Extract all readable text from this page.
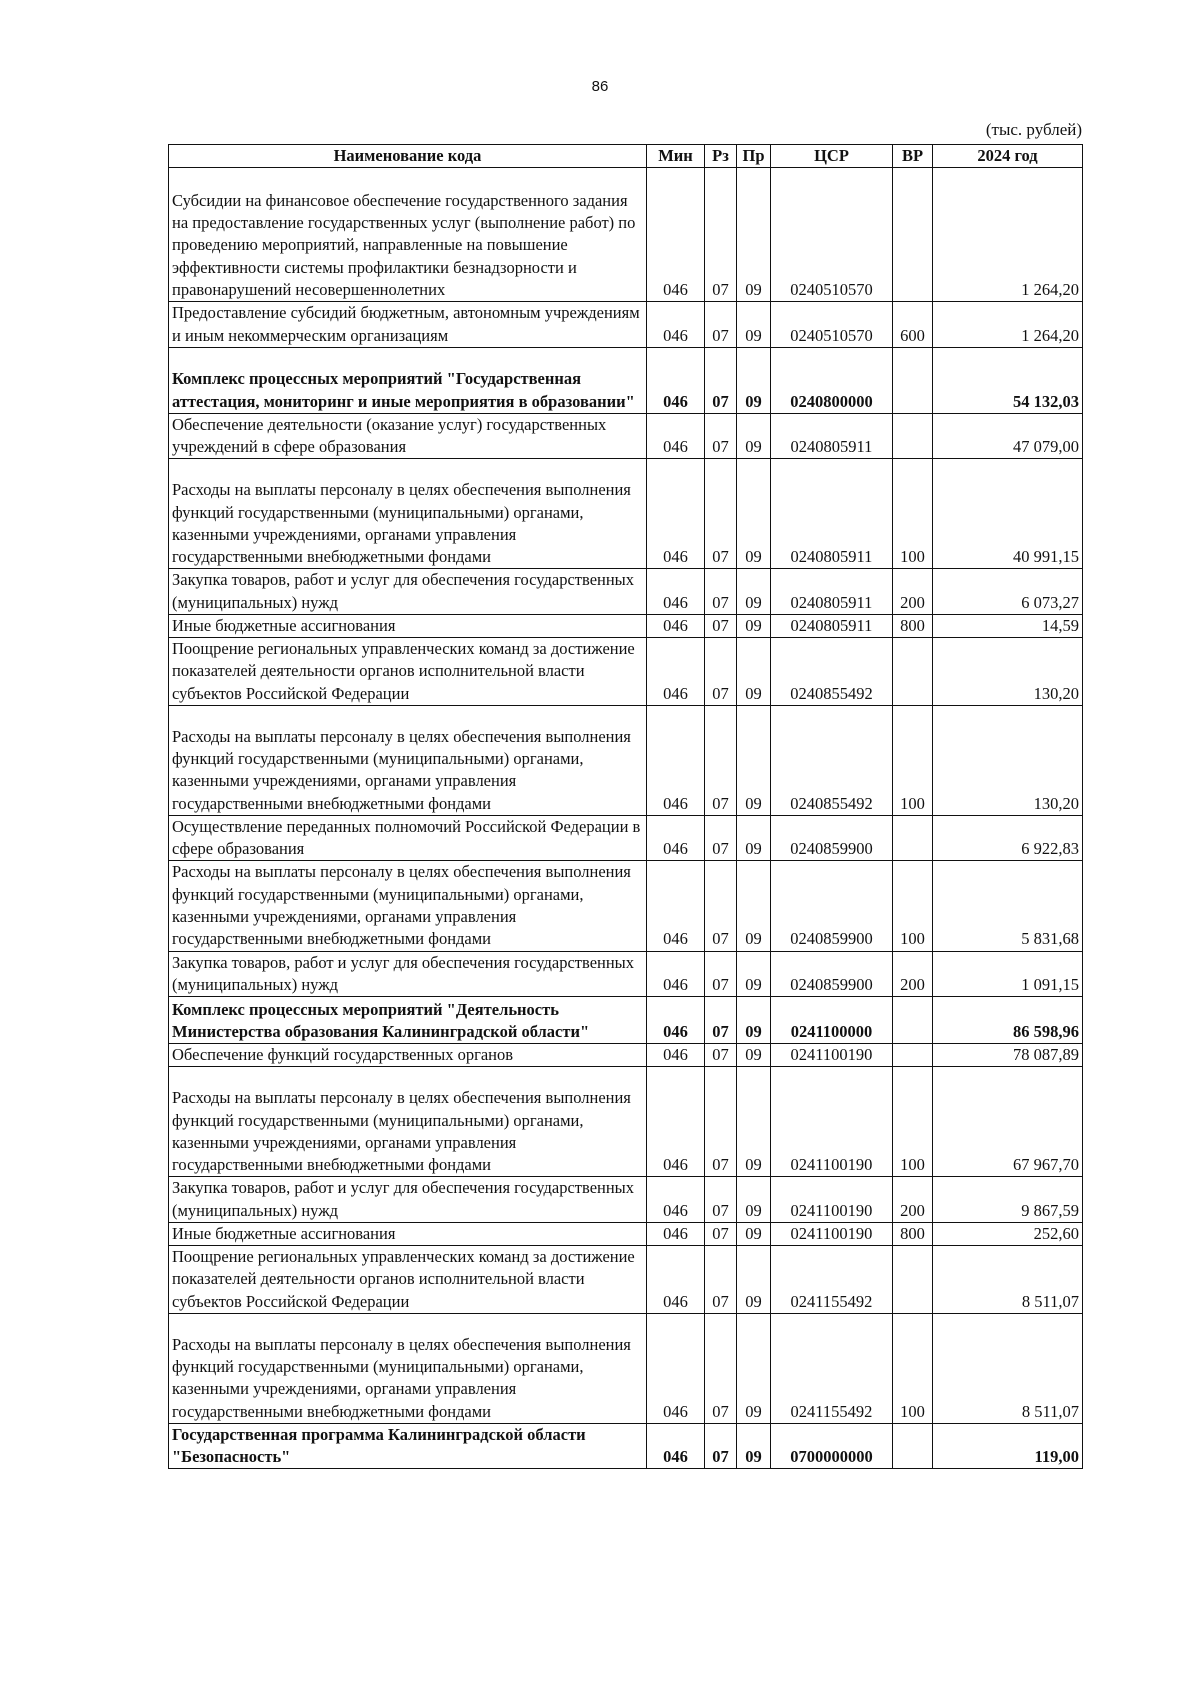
86
(тыс. рублей)
Наименование кода	Мин	Рз	Пр	ЦСР	ВР	2024 год
Субсидии на финансовое обеспечение государственного задания на предоставление государственных услуг (выполнение работ) по проведению мероприятий, направленные на повышение эффективности системы профилактики безнадзорности и правонарушений несовершеннолетних	046	07	09	0240510570		1 264,20
Предоставление субсидий бюджетным, автономным учреждениям и иным некоммерческим организациям	046	07	09	0240510570	600	1 264,20
Комплекс процессных мероприятий "Государственная аттестация, мониторинг и иные мероприятия в образовании"	046	07	09	0240800000		54 132,03
Обеспечение деятельности (оказание услуг) государственных учреждений в сфере образования	046	07	09	0240805911		47 079,00
Расходы на выплаты персоналу в целях обеспечения выполнения функций государственными (муниципальными) органами, казенными учреждениями, органами управления государственными внебюджетными фондами	046	07	09	0240805911	100	40 991,15
Закупка товаров, работ и услуг для обеспечения государственных (муниципальных) нужд	046	07	09	0240805911	200	6 073,27
Иные бюджетные ассигнования	046	07	09	0240805911	800	14,59
Поощрение региональных управленческих команд за достижение показателей деятельности органов исполнительной власти субъектов Российской Федерации	046	07	09	0240855492		130,20
Расходы на выплаты персоналу в целях обеспечения выполнения функций государственными (муниципальными) органами, казенными учреждениями, органами управления государственными внебюджетными фондами	046	07	09	0240855492	100	130,20
Осуществление переданных полномочий Российской Федерации в сфере образования	046	07	09	0240859900		6 922,83
Расходы на выплаты персоналу в целях обеспечения выполнения функций государственными (муниципальными) органами, казенными учреждениями, органами управления государственными внебюджетными фондами	046	07	09	0240859900	100	5 831,68
Закупка товаров, работ и услуг для обеспечения государственных (муниципальных) нужд	046	07	09	0240859900	200	1 091,15
Комплекс процессных мероприятий "Деятельность Министерства образования Калининградской области"	046	07	09	0241100000		86 598,96
Обеспечение функций государственных органов	046	07	09	0241100190		78 087,89
Расходы на выплаты персоналу в целях обеспечения выполнения функций государственными (муниципальными) органами, казенными учреждениями, органами управления государственными внебюджетными фондами	046	07	09	0241100190	100	67 967,70
Закупка товаров, работ и услуг для обеспечения государственных (муниципальных) нужд	046	07	09	0241100190	200	9 867,59
Иные бюджетные ассигнования	046	07	09	0241100190	800	252,60
Поощрение региональных управленческих команд за достижение показателей деятельности органов исполнительной власти субъектов Российской Федерации	046	07	09	0241155492		8 511,07
Расходы на выплаты персоналу в целях обеспечения выполнения функций государственными (муниципальными) органами, казенными учреждениями, органами управления государственными внебюджетными фондами	046	07	09	0241155492	100	8 511,07
Государственная программа Калининградской области "Безопасность"	046	07	09	0700000000		119,00
